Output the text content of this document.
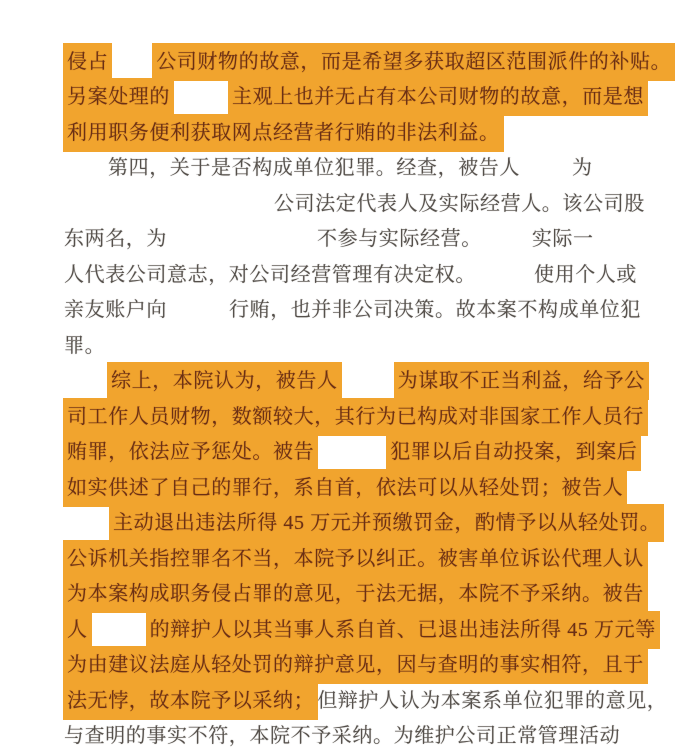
侵占 公司财物的故意，而是希望多获取超区范围派件的补贴。
另案处理的	主观上也并无占有本公司财物的故意，而是想
利用职务便利获取网点经营者行贿的非法利益。
第四，关于是否构成单位犯罪。经查，被告人	为
公司法定代表人及实际经营人。该公司股
东两名，为	不参与实际经营。	实际一
人代表公司意志，对公司经营管理有决定权。	使用个人或
亲友账户向	行贿，也并非公司决策。故本案不构成单位犯
罪。
综上，本院认为，被告人	为谋取不正当利益，给予公
司工作人员财物，数额较大，其行为已构成对非国家工作人员行
贿罪，依法应予惩处。被告	犯罪以后自动投案，到案后
如实供述了自己的罪行，系自首，依法可以从轻处罚；被告人
主动退出违法所得 45 万元并预缴罚金，酌情予以从轻处罚。
公诉机关指控罪名不当，本院予以纠正。被害单位诉讼代理人认
为本案构成职务侵占罪的意见，于法无据，本院不予采纳。被告
人	的辩护人以其当事人系自首、已退出违法所得 45 万元等
为由建议法庭从轻处罚的辩护意见，因与查明的事实相符，且于
法无悖，故本院予以采纳； 但辩护人认为本案系单位犯罪的意见，
与查明的事实不符，本院不予采纳。为维护公司正常管理活动
